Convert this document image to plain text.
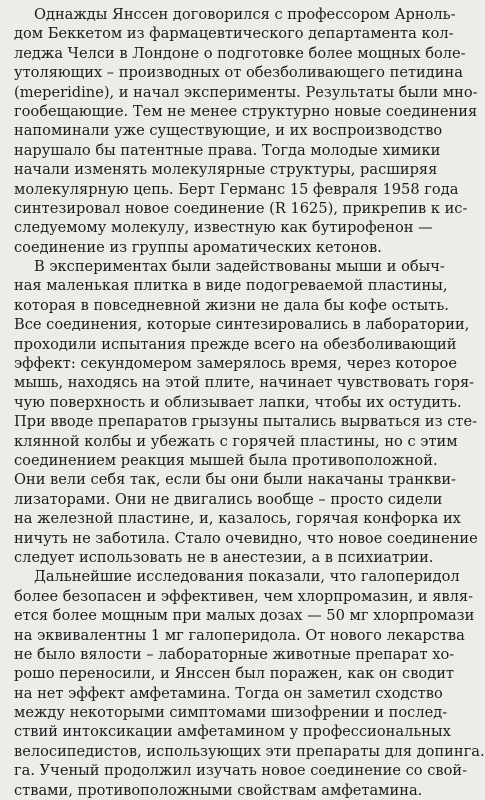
Однажды Янссен договорился с профессором Арноль-
дом Беккетом из фармацевтического департамента кол-
леджа Челси в Лондоне о подготовке более мощных боле-
утоляющих – производных от обезболивающего петидина
(meperidine), и начал эксперименты. Результаты были мно-
гообещающие. Тем не менее структурно новые соединения
напоминали уже существующие, и их воспроизводство
нарушало бы патентные права. Тогда молодые химики
начали изменять молекулярные структуры, расширяя
молекулярную цепь. Берт Германс 15 февраля 1958 года
синтезировал новое соединение (R 1625), прикрепив к ис-
следуемому молекулу, известную как бутирофенон —
соединение из группы ароматических кетонов.
В экспериментах были задействованы мыши и обыч-
ная маленькая плитка в виде подогреваемой пластины,
которая в повседневной жизни не дала бы кофе остыть.
Все соединения, которые синтезировались в лаборатории,
проходили испытания прежде всего на обезболивающий
эффект: секундомером замерялось время, через которое
мышь, находясь на этой плите, начинает чувствовать горя-
чую поверхность и облизывает лапки, чтобы их остудить.
При вводе препаратов грызуны пытались вырваться из сте-
клянной колбы и убежать с горячей пластины, но с этим
соединением реакция мышей была противоположной.
Они вели себя так, если бы они были накачаны транкви-
лизаторами. Они не двигались вообще – просто сидели
на железной пластине, и, казалось, горячая конфорка их
ничуть не заботила. Стало очевидно, что новое соединение
следует использовать не в анестезии, а в психиатрии.
Дальнейшие исследования показали, что галоперидол
более безопасен и эффективен, чем хлорпромазин, и явля-
ется более мощным при малых дозах — 50 мг хлорпромази
на эквивалентны 1 мг галоперидола. От нового лекарства
не было вялости – лабораторные животные препарат хо-
рошо переносили, и Янссен был поражен, как он сводит
на нет эффект амфетамина. Тогда он заметил сходство
между некоторыми симптомами шизофрении и послед-
ствий интоксикации амфетамином у профессиональных
велосипедистов, использующих эти препараты для допинга.
га. Ученый продолжил изучать новое соединение со свой-
ствами, противоположными свойствам амфетамина.
